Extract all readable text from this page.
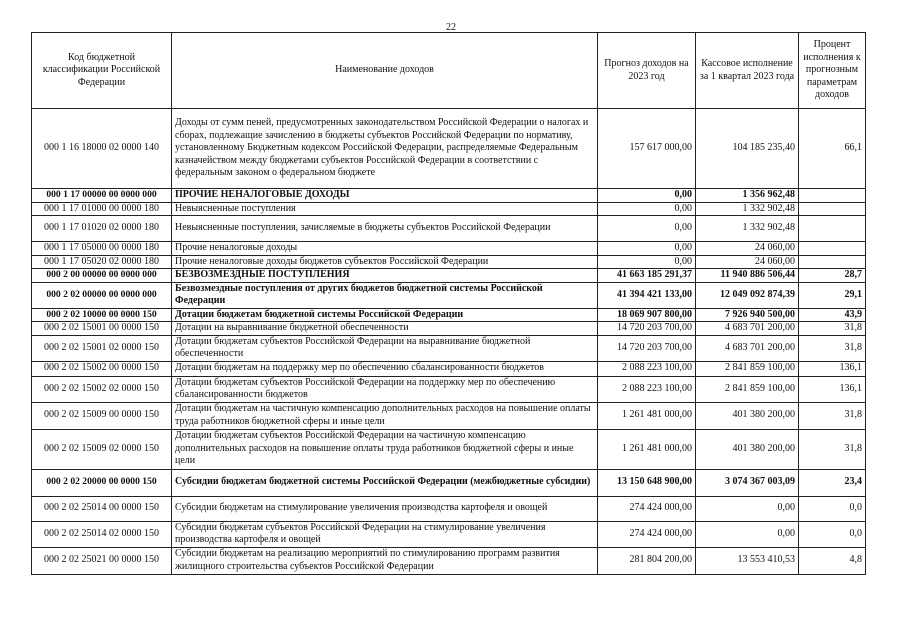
22
Код бюджетной классификации Российской Федерации	Наименование доходов	Прогноз доходов на 2023 год	Кассовое исполнение за 1 квартал 2023 года	Процент исполнения к прогнозным параметрам доходов
000 1 16 18000 02 0000 140	Доходы от сумм пеней, предусмотренных законодательством Российской Федерации о налогах и сборах, подлежащие зачислению в бюджеты субъектов Российской Федерации по нормативу, установленному Бюджетным кодексом Российской Федерации, распределяемые Федеральным казначейством между бюджетами субъектов Российской Федерации в соответствии с федеральным законом о федеральном бюджете	157 617 000,00	104 185 235,40	66,1
000 1 17 00000 00 0000 000	ПРОЧИЕ НЕНАЛОГОВЫЕ ДОХОДЫ	0,00	1 356 962,48	
000 1 17 01000 00 0000 180	Невыясненные поступления	0,00	1 332 902,48	
000 1 17 01020 02 0000 180	Невыясненные поступления, зачисляемые в бюджеты субъектов Российской Федерации	0,00	1 332 902,48	
000 1 17 05000 00 0000 180	Прочие неналоговые доходы	0,00	24 060,00	
000 1 17 05020 02 0000 180	Прочие неналоговые доходы бюджетов субъектов Российской Федерации	0,00	24 060,00	
000 2 00 00000 00 0000 000	БЕЗВОЗМЕЗДНЫЕ ПОСТУПЛЕНИЯ	41 663 185 291,37	11 940 886 506,44	28,7
000 2 02 00000 00 0000 000	Безвозмездные поступления от других бюджетов бюджетной системы Российской Федерации	41 394 421 133,00	12 049 092 874,39	29,1
000 2 02 10000 00 0000 150	Дотации бюджетам бюджетной системы Российской Федерации	18 069 907 800,00	7 926 940 500,00	43,9
000 2 02 15001 00 0000 150	Дотации на выравнивание бюджетной обеспеченности	14 720 203 700,00	4 683 701 200,00	31,8
000 2 02 15001 02 0000 150	Дотации бюджетам субъектов Российской Федерации на выравнивание бюджетной обеспеченности	14 720 203 700,00	4 683 701 200,00	31,8
000 2 02 15002 00 0000 150	Дотации бюджетам на поддержку мер по обеспечению сбалансированности бюджетов	2 088 223 100,00	2 841 859 100,00	136,1
000 2 02 15002 02 0000 150	Дотации бюджетам субъектов Российской Федерации на поддержку мер по обеспечению сбалансированности бюджетов	2 088 223 100,00	2 841 859 100,00	136,1
000 2 02 15009 00 0000 150	Дотации бюджетам на частичную компенсацию дополнительных расходов на повышение оплаты труда работников бюджетной сферы и иные цели	1 261 481 000,00	401 380 200,00	31,8
000 2 02 15009 02 0000 150	Дотации бюджетам субъектов Российской Федерации на частичную компенсацию дополнительных расходов на повышение оплаты труда работников бюджетной сферы и иные цели	1 261 481 000,00	401 380 200,00	31,8
000 2 02 20000 00 0000 150	Субсидии бюджетам бюджетной системы Российской Федерации (межбюджетные субсидии)	13 150 648 900,00	3 074 367 003,09	23,4
000 2 02 25014 00 0000 150	Субсидии бюджетам на стимулирование увеличения производства картофеля и овощей	274 424 000,00	0,00	0,0
000 2 02 25014 02 0000 150	Субсидии бюджетам субъектов Российской Федерации на стимулирование увеличения производства картофеля и овощей	274 424 000,00	0,00	0,0
000 2 02 25021 00 0000 150	Субсидии бюджетам на реализацию мероприятий по стимулированию программ развития жилищного строительства субъектов Российской Федерации	281 804 200,00	13 553 410,53	4,8
